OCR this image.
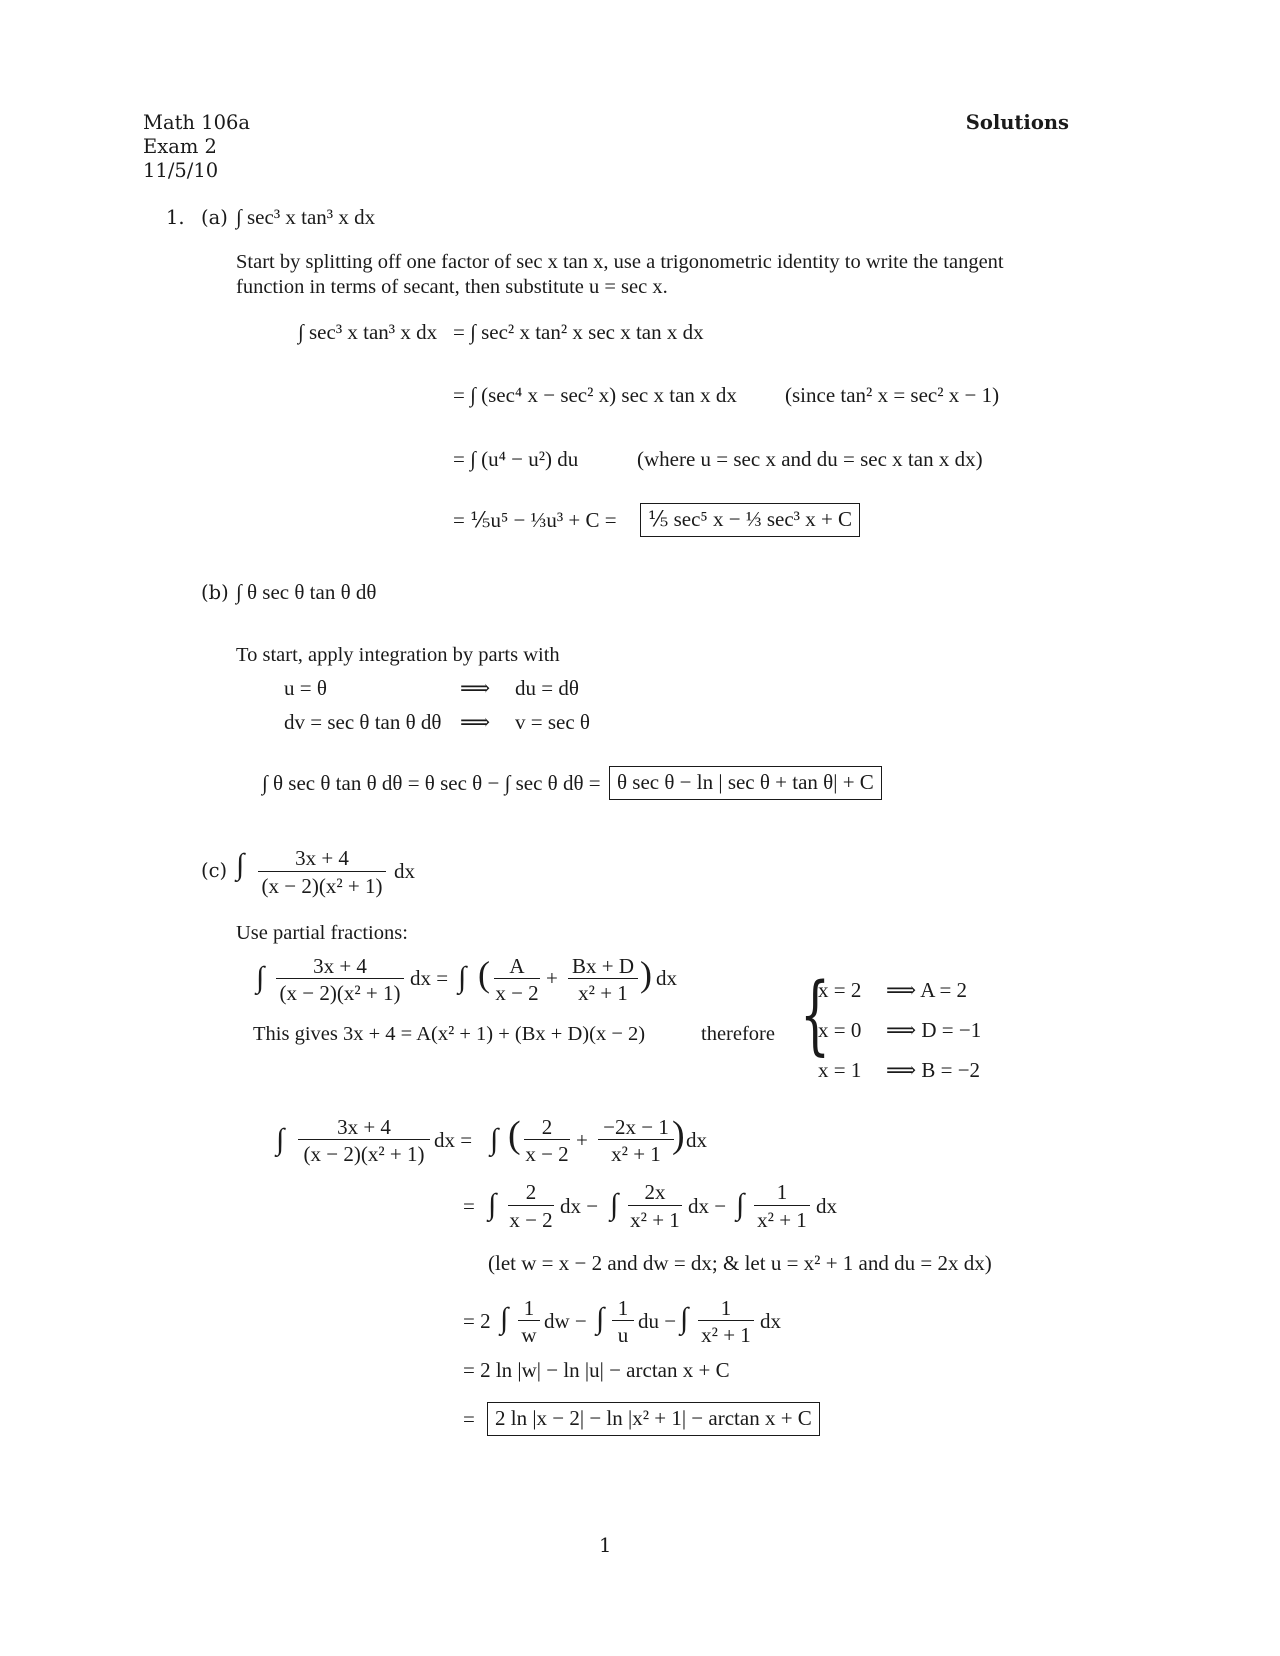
Math 106a
Exam 2
11/5/10
Solutions
1. (a) ∫ sec³ x tan³ x dx
Start by splitting off one factor of sec x tan x, use a trigonometric identity to write the tangent
function in terms of secant, then substitute u = sec x.
∫ sec³ x tan³ x dx = ∫ sec² x tan² x sec x tan x dx
= ∫ (sec⁴ x − sec² x) sec x tan x dx (since tan² x = sec² x − 1)
= ∫ (u⁴ − u²) du	(where u = sec x and du = sec x tan x dx)
= ⅕u⁵ − ⅓u³ + C =	⅕ sec⁵ x − ⅓ sec³ x + C
(b) ∫ θ sec θ tan θ dθ
To start, apply integration by parts with
u = θ	⟹ du = dθ
dv = sec θ tan θ dθ ⟹ v = sec θ
∫ θ sec θ tan θ dθ = θ sec θ − ∫ sec θ dθ = θ sec θ − ln | sec θ + tan θ| + C
(c) ∫	3x + 4
(x − 2)(x² + 1)
dx
Use partial fractions:
∫	3x + 4
(x − 2)(x² + 1)
dx = ∫ ( A
x − 2
+ Bx + D
x² + 1 ) dx
This gives 3x + 4 = A(x² + 1) + (Bx + D)(x − 2)	therefore {
x = 2 ⟹ A = 2
x = 0 ⟹ D = −1
x = 1 ⟹ B = −2
∫	3x + 4
(x − 2)(x² + 1)
dx = ∫ (	2
x − 2
+
−2x − 1
x² + 1 ) dx
= ∫	2
x − 2
dx − ∫	2x
x² + 1
dx − ∫	1
x² + 1
dx
(let w = x − 2 and dw = dx; & let u = x² + 1 and du = 2x dx)
= 2 ∫ 1
w
dw − ∫ 1
u
du − ∫	1
x² + 1
dx
= 2 ln |w| − ln |u| − arctan x + C
= 2 ln |x − 2| − ln |x² + 1| − arctan x + C
1
